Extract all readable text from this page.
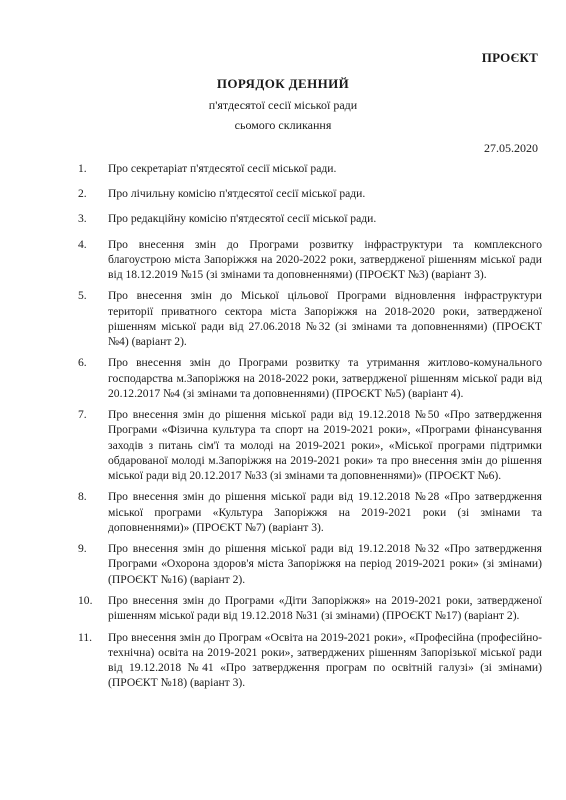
ПРОЄКТ
ПОРЯДОК ДЕННИЙ
п'ятдесятої сесії міської ради
сьомого скликання
27.05.2020
1.	Про секретаріат п'ятдесятої сесії міської ради.
2.	Про лічильну комісію п'ятдесятої сесії міської ради.
3.	Про редакційну комісію п'ятдесятої сесії міської ради.
4.	Про внесення змін до Програми розвитку інфраструктури та комплексного благоустрою міста Запоріжжя на 2020-2022 роки, затвердженої рішенням міської ради від 18.12.2019 №15 (зі змінами та доповненнями) (ПРОЄКТ №3) (варіант 3).
5.	Про внесення змін до Міської цільової Програми відновлення інфраструктури території приватного сектора міста Запоріжжя на 2018-2020 роки, затвердженої рішенням міської ради від 27.06.2018 №32 (зі змінами та доповненнями) (ПРОЄКТ №4) (варіант 2).
6.	Про внесення змін до Програми розвитку та утримання житлово-комунального господарства м.Запоріжжя на 2018-2022 роки, затвердженої рішенням міської ради від 20.12.2017 №4 (зі змінами та доповненнями) (ПРОЄКТ №5) (варіант 4).
7.	Про внесення змін до рішення міської ради від 19.12.2018 №50 «Про затвердження Програми «Фізична культура та спорт на 2019-2021 роки», «Програми фінансування заходів з питань сім'ї та молоді на 2019-2021 роки», «Міської програми підтримки обдарованої молоді м.Запоріжжя на 2019-2021 роки» та про внесення змін до рішення міської ради від 20.12.2017 №33 (зі змінами та доповненнями)» (ПРОЄКТ №6).
8.	Про внесення змін до рішення міської ради від 19.12.2018 №28 «Про затвердження міської програми «Культура Запоріжжя на 2019-2021 роки (зі змінами та доповненнями)» (ПРОЄКТ №7) (варіант 3).
9.	Про внесення змін до рішення міської ради від 19.12.2018 №32 «Про затвердження Програми «Охорона здоров'я міста Запоріжжя на період 2019-2021 роки» (зі змінами) (ПРОЄКТ №16) (варіант 2).
10.	Про внесення змін до Програми «Діти Запоріжжя» на 2019-2021 роки, затвердженої рішенням міської ради від 19.12.2018 №31 (зі змінами) (ПРОЄКТ №17) (варіант 2).
11.	Про внесення змін до Програм «Освіта на 2019-2021 роки», «Професійна (професійно-технічна) освіта на 2019-2021 роки», затверджених рішенням Запорізької міської ради від 19.12.2018 №41 «Про затвердження програм по освітній галузі» (зі змінами) (ПРОЄКТ №18) (варіант 3).
